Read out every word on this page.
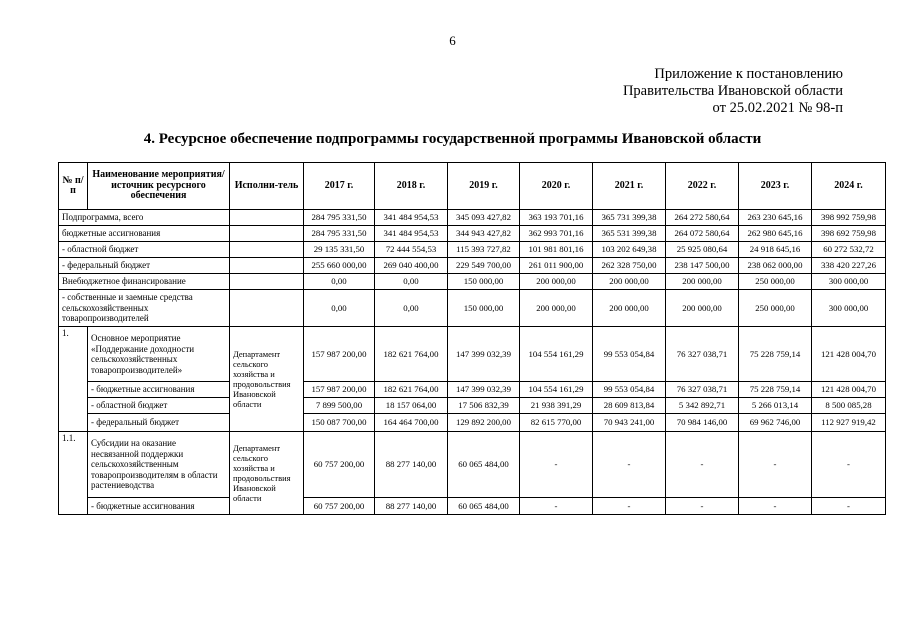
6
Приложение к постановлению
Правительства Ивановской области
от 25.02.2021 № 98-п
4. Ресурсное обеспечение подпрограммы государственной программы Ивановской области
№ п/п	Наименование мероприятия/источник ресурсного обеспечения	Исполни-тель	2017 г.	2018 г.	2019 г.	2020 г.	2021 г.	2022 г.	2023 г.	2024 г.
Подпрограмма, всего			284 795 331,50	341 484 954,53	345 093 427,82	363 193 701,16	365 731 399,38	264 272 580,64	263 230 645,16	398 992 759,98
бюджетные ассигнования			284 795 331,50	341 484 954,53	344 943 427,82	362 993 701,16	365 531 399,38	264 072 580,64	262 980 645,16	398 692 759,98
- областной бюджет			29 135 331,50	72 444 554,53	115 393 727,82	101 981 801,16	103 202 649,38	25 925 080,64	24 918 645,16	60 272 532,72
- федеральный бюджет			255 660 000,00	269 040 400,00	229 549 700,00	261 011 900,00	262 328 750,00	238 147 500,00	238 062 000,00	338 420 227,26
Внебюджетное финансирование			0,00	0,00	150 000,00	200 000,00	200 000,00	200 000,00	250 000,00	300 000,00
- собственные и заемные средства сельскохозяйственных товаропроизводителей			0,00	0,00	150 000,00	200 000,00	200 000,00	200 000,00	250 000,00	300 000,00
1.	Основное мероприятие «Поддержание доходности сельскохозяйственных товаропроизводителей»	Департамент сельского хозяйства и продовольствия Ивановской области	157 987 200,00	182 621 764,00	147 399 032,39	104 554 161,29	99 553 054,84	76 327 038,71	75 228 759,14	121 428 004,70
	- бюджетные ассигнования		157 987 200,00	182 621 764,00	147 399 032,39	104 554 161,29	99 553 054,84	76 327 038,71	75 228 759,14	121 428 004,70
	- областной бюджет		7 899 500,00	18 157 064,00	17 506 832,39	21 938 391,29	28 609 813,84	5 342 892,71	5 266 013,14	8 500 085,28
	- федеральный бюджет		150 087 700,00	164 464 700,00	129 892 200,00	82 615 770,00	70 943 241,00	70 984 146,00	69 962 746,00	112 927 919,42
1.1.	Субсидии на оказание несвязанной поддержки сельскохозяйственным товаропроизводителям в области растениеводства	Департамент сельского хозяйства и продовольствия Ивановской области	60 757 200,00	88 277 140,00	60 065 484,00	-	-	-	-	-
	- бюджетные ассигнования		60 757 200,00	88 277 140,00	60 065 484,00	-	-	-	-	-
